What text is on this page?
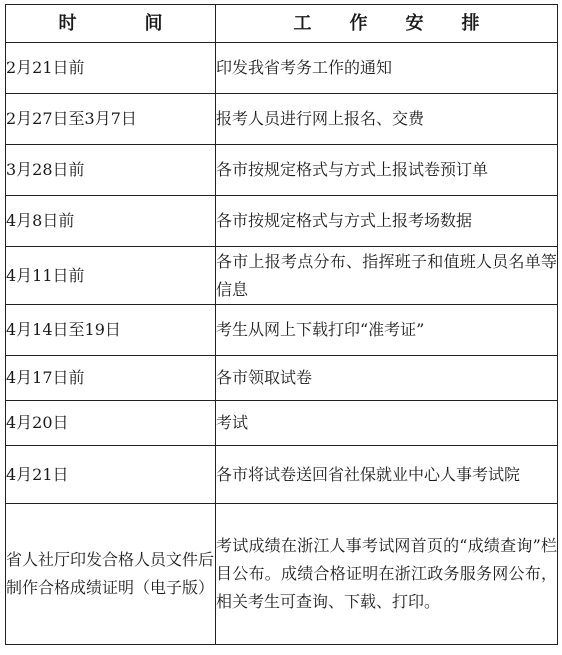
时 间	工 作 安 排

2月21日前	印发我省考务工作的通知
2月27日至3月7日	报考人员进行网上报名、交费
3月28日前	各市按规定格式与方式上报试卷预订单
4月8日前	各市按规定格式与方式上报考场数据
4月11日前	各市上报考点分布、指挥班子和值班人员名单等信息
4月14日至19日	考生从网上下载打印“准考证”
4月17日前	各市领取试卷
4月20日	考试
4月21日	各市将试卷送回省社保就业中心人事考试院
省人社厅印发合格人员文件后制作合格成绩证明（电子版）	考试成绩在浙江人事考试网首页的“成绩查询”栏目公布。成绩合格证明在浙江政务服务网公布，相关考生可查询、下载、打印。
